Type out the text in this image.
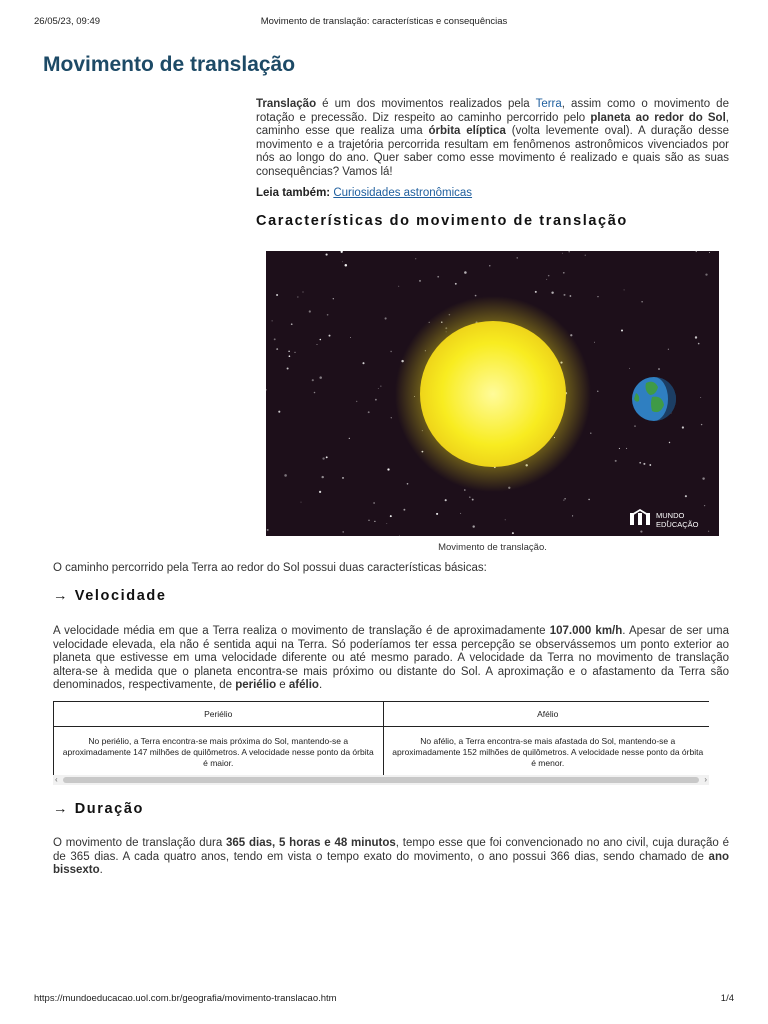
26/05/23, 09:49	Movimento de translação: características e consequências
Movimento de translação

Translação é um dos movimentos realizados pela Terra, assim como o movimento de rotação e precessão. Diz respeito ao caminho percorrido pelo planeta ao redor do Sol, caminho esse que realiza uma órbita elíptica (volta levemente oval). A duração desse movimento e a trajetória percorrida resultam em fenômenos astronômicos vivenciados por nós ao longo do ano. Quer saber como esse movimento é realizado e quais são as suas consequências? Vamos lá!

Leia também: Curiosidades astronômicas
Características do movimento de translação
MUNDO
EDUCAÇÃO
Movimento de translação.

O caminho percorrido pela Terra ao redor do Sol possui duas características básicas:

→ Velocidade

A velocidade média em que a Terra realiza o movimento de translação é de aproximadamente 107.000 km/h. Apesar de ser uma velocidade elevada, ela não é sentida aqui na Terra. Só poderíamos ter essa percepção se observássemos um ponto exterior ao planeta que estivesse em uma velocidade diferente ou até mesmo parado. A velocidade da Terra no movimento de translação altera-se à medida que o planeta encontra-se mais próximo ou distante do Sol. A aproximação e o afastamento da Terra são denominados, respectivamente, de periélio e afélio.

Periélio	Afélio
No periélio, a Terra encontra-se mais próxima do Sol, mantendo-se a aproximadamente 147 milhões de quilômetros. A velocidade nesse ponto da órbita é maior.	No afélio, a Terra encontra-se mais afastada do Sol, mantendo-se a aproximadamente 152 milhões de quilômetros. A velocidade nesse ponto da órbita é menor.
‹	›
→ Duração

O movimento de translação dura 365 dias, 5 horas e 48 minutos, tempo esse que foi convencionado no ano civil, cuja duração é de 365 dias. A cada quatro anos, tendo em vista o tempo exato do movimento, o ano possui 366 dias, sendo chamado de ano bissexto.

https://mundoeducacao.uol.com.br/geografia/movimento-translacao.htm	1/4
